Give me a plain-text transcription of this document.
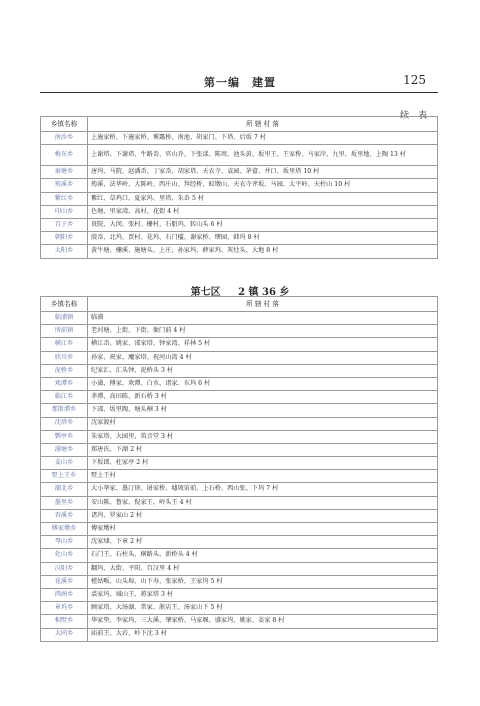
第一编　建置	125
续 表
乡镇名称	所 辖 村 落
南沙乡	上施家桥、下施家桥、雾露桥、南池、胡家门、下塔、后坂 7 村
梅东乡	上谢塔、下谢塔、牛路岙、官山乔、下张漾、陈周、池头黄、坂里王、王家桥、马家岸、九里、坂里地、上陶 13 村
秦塘乡	唐坞、马院、赵潘岙、丁家岙、胡家塔、天衣寺、袁园、茅畲、井口、坂里塔 10 村
筠溪乡	筠溪、法华岭、大陈岭、西庄山、拜经桥、蚊墩山、天衣寺斧坂、马园、太平岭、天柱山 10 村
紫红乡	紫红、草鸡口、夏家坞、里塔、朱岙 5 村
印山乡	色塘、里家湾、高村、花街 4 村
百子乡	贵院、大闵、张村、栅村、石船坞、转山头 6 村
朝阳乡	殷岙、北坞、贾村、花坞、石门槛、谢家桥、缪园、韩坞 8 村
太阳乡	黄牛塘、栅溪、施塘头、上庄、孙家坞、薛家坞、灰灶头、大地 8 村
第七区 2 镇 36 乡
乡镇名称	所 辖 村 落
临浦镇	临浦
所前镇	老河塘、上街、下街、衙门前 4 村
横江乡	横江岙、姚家、邵家塔、钟家湾、祥林 5 村
欣川乡	孙家、祝家、魔家塔、祝河山湾 4 村
泥桥乡	纪家汇、汇头钟、泥桥头 3 村
欢潭乡	小潢、傅家、欢潭、白水、诸家、东坞 6 村
临江乡	茅潭、高田陈、新石桥 3 村
那斯潭乡	下邵、坂里陶、塘头桐 3 村
沈塔乡	沈家渡村
鹦亭乡	朱家塔、大园里、筑音堂 3 村
浦塘乡	郑唐氏、下湖 2 村
姜山乡	下坂郎、杜家亭 2 村
墅上王乡	墅上王村
潮北乡	大小华家、墨汀徐、屠家桥、墟坡宙前、上石桥、西山张、下坞 7 村
墨里乡	安山陈、鲁家、倪家王、岭头王 4 村
杏溪乡	诸坞、罗家山 2 村
傅家墩乡	傅家墩村
琴山乡	沈家埭、下章 2 村
化山乡	石门王、石柱头、横路头、新桥头 4 村
汉阳乡	翻坞、大街、平阳、百汉里 4 村
花溪乡	楂姑畈、山头埠、山下寿、张家桥、王家坞 5 村
西洲乡	裘家坞、城山王、蒋家塔 3 村
章坞乡	顾家塔、大汤湖、常家、浙店王、汤家山下 5 村
相墅乡	华家垫、李家坞、三大溪、肇家桥、马家堰、盛家坞、姚家、姜家 8 村
大同乡	庙前王、大岩、岭下沈 3 村
